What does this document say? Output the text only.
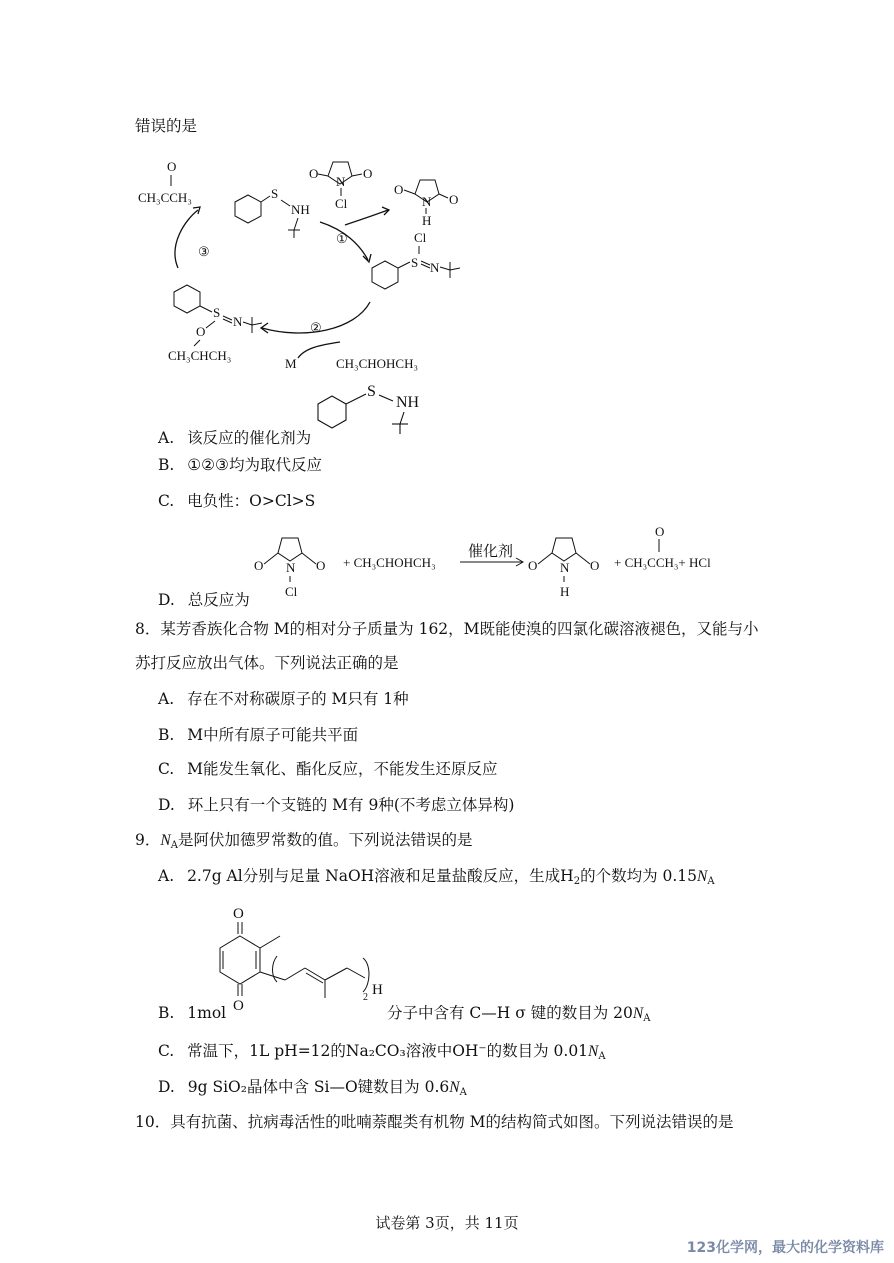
错误的是
O
CH₃CCH₃
③
S
NH
O
N
O
Cl
①
O
N O
H
Cl
S N
②
M	CH₃CHOHCH₃
S
N
O
CH₃CHCH₃
S
NH
A. 该反应的催化剂为
B. ①②③均为取代反应
C. 电负性：O>Cl>S
O N O
Cl
+ CH₃CHOHCH₃
催化剂
O N O
H
O
+ CH₃CCH₃+ HCl
D. 总反应为
8．某芳香族化合物 M的相对分子质量为 162，M既能使溴的四氯化碳溶液褪色，又能与小
苏打反应放出气体。下列说法正确的是
A. 存在不对称碳原子的 M只有 1种
B. M中所有原子可能共平面
C. M能发生氧化、酯化反应，不能发生还原反应
D. 环上只有一个支链的 M有 9种(不考虑立体异构)
9．$N_A$是阿伏加德罗常数的值。下列说法错误的是
A. 2.7g Al分别与足量 NaOH溶液和足量盐酸反应，生成$H_2$的个数均为 $0.15N_A$
O
O
2 H
B. 1mol	分子中含有 C—H σ 键的数目为 $20N_A$
C. 常温下，1L pH=12的Na₂CO₃溶液中OH⁻的数目为 $0.01N_A$
D. 9g SiO₂晶体中含 Si—O键数目为 $0.6N_A$
10．具有抗菌、抗病毒活性的吡喃萘醌类有机物 M的结构简式如图。下列说法错误的是
试卷第 3页，共 11页
123化学网，最大的化学资料库
